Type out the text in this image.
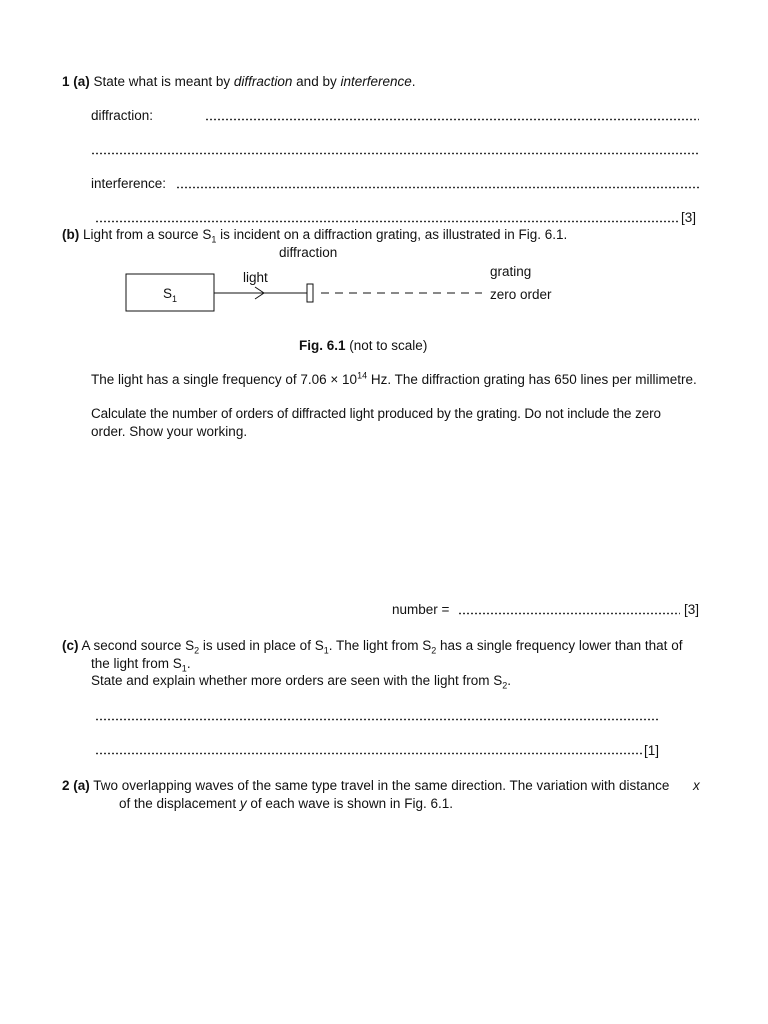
1 (a) State what is meant by diffraction and by interference.
diffraction:
interference:
[3]
(b) Light from a source $S_1$ is incident on a diffraction grating, as illustrated in Fig. 6.1.
$S_1$
light
diffraction
grating
zero order
Fig. 6.1 (not to scale)
The light has a single frequency of $7.06 \times 10^{14}$ Hz. The diffraction grating has 650 lines per millimetre.
Calculate the number of orders of diffracted light produced by the grating. Do not include the zero
order. Show your working.
number =	[3]
(c) A second source $S_2$ is used in place of $S_1$. The light from $S_2$ has a single frequency lower than that of
the light from $S_1$.
State and explain whether more orders are seen with the light from $S_2$.
[1]
2 (a) Two overlapping waves of the same type travel in the same direction. The variation with distance x
of the displacement y of each wave is shown in Fig. 6.1.
